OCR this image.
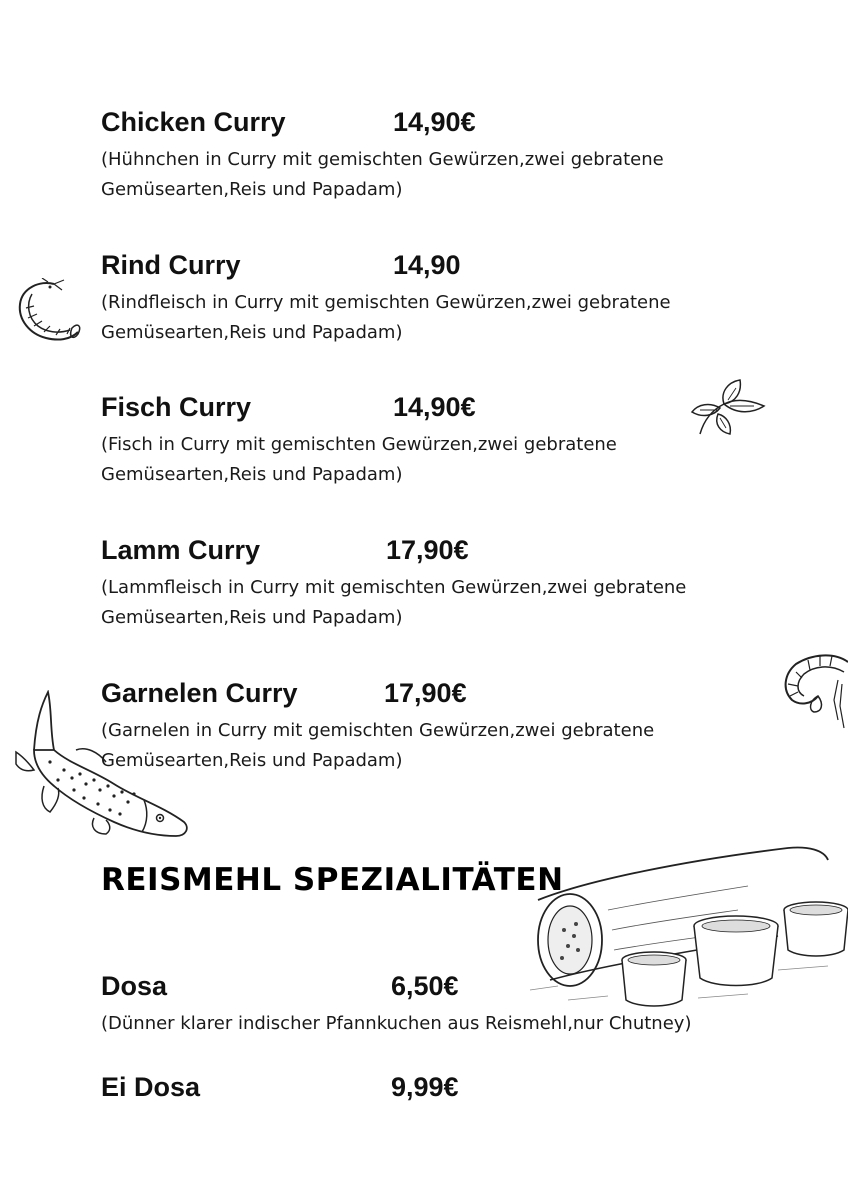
Chicken Curry	14,90€
(Hühnchen in Curry mit gemischten Gewürzen,zwei gebratene Gemüsearten,Reis und Papadam)
Rind Curry	14,90
(Rindfleisch in Curry mit gemischten Gewürzen,zwei gebratene Gemüsearten,Reis und Papadam)
Fisch Curry	14,90€
(Fisch in Curry mit gemischten Gewürzen,zwei gebratene Gemüsearten,Reis und Papadam)
Lamm Curry	17,90€
(Lammfleisch in Curry mit gemischten Gewürzen,zwei gebratene Gemüsearten,Reis und Papadam)
Garnelen Curry	17,90€
(Garnelen in Curry mit gemischten Gewürzen,zwei gebratene Gemüsearten,Reis und Papadam)
REISMEHL SPEZIALITÄTEN
Dosa	6,50€
(Dünner klarer indischer Pfannkuchen aus Reismehl,nur Chutney)
Ei Dosa	9,99€
